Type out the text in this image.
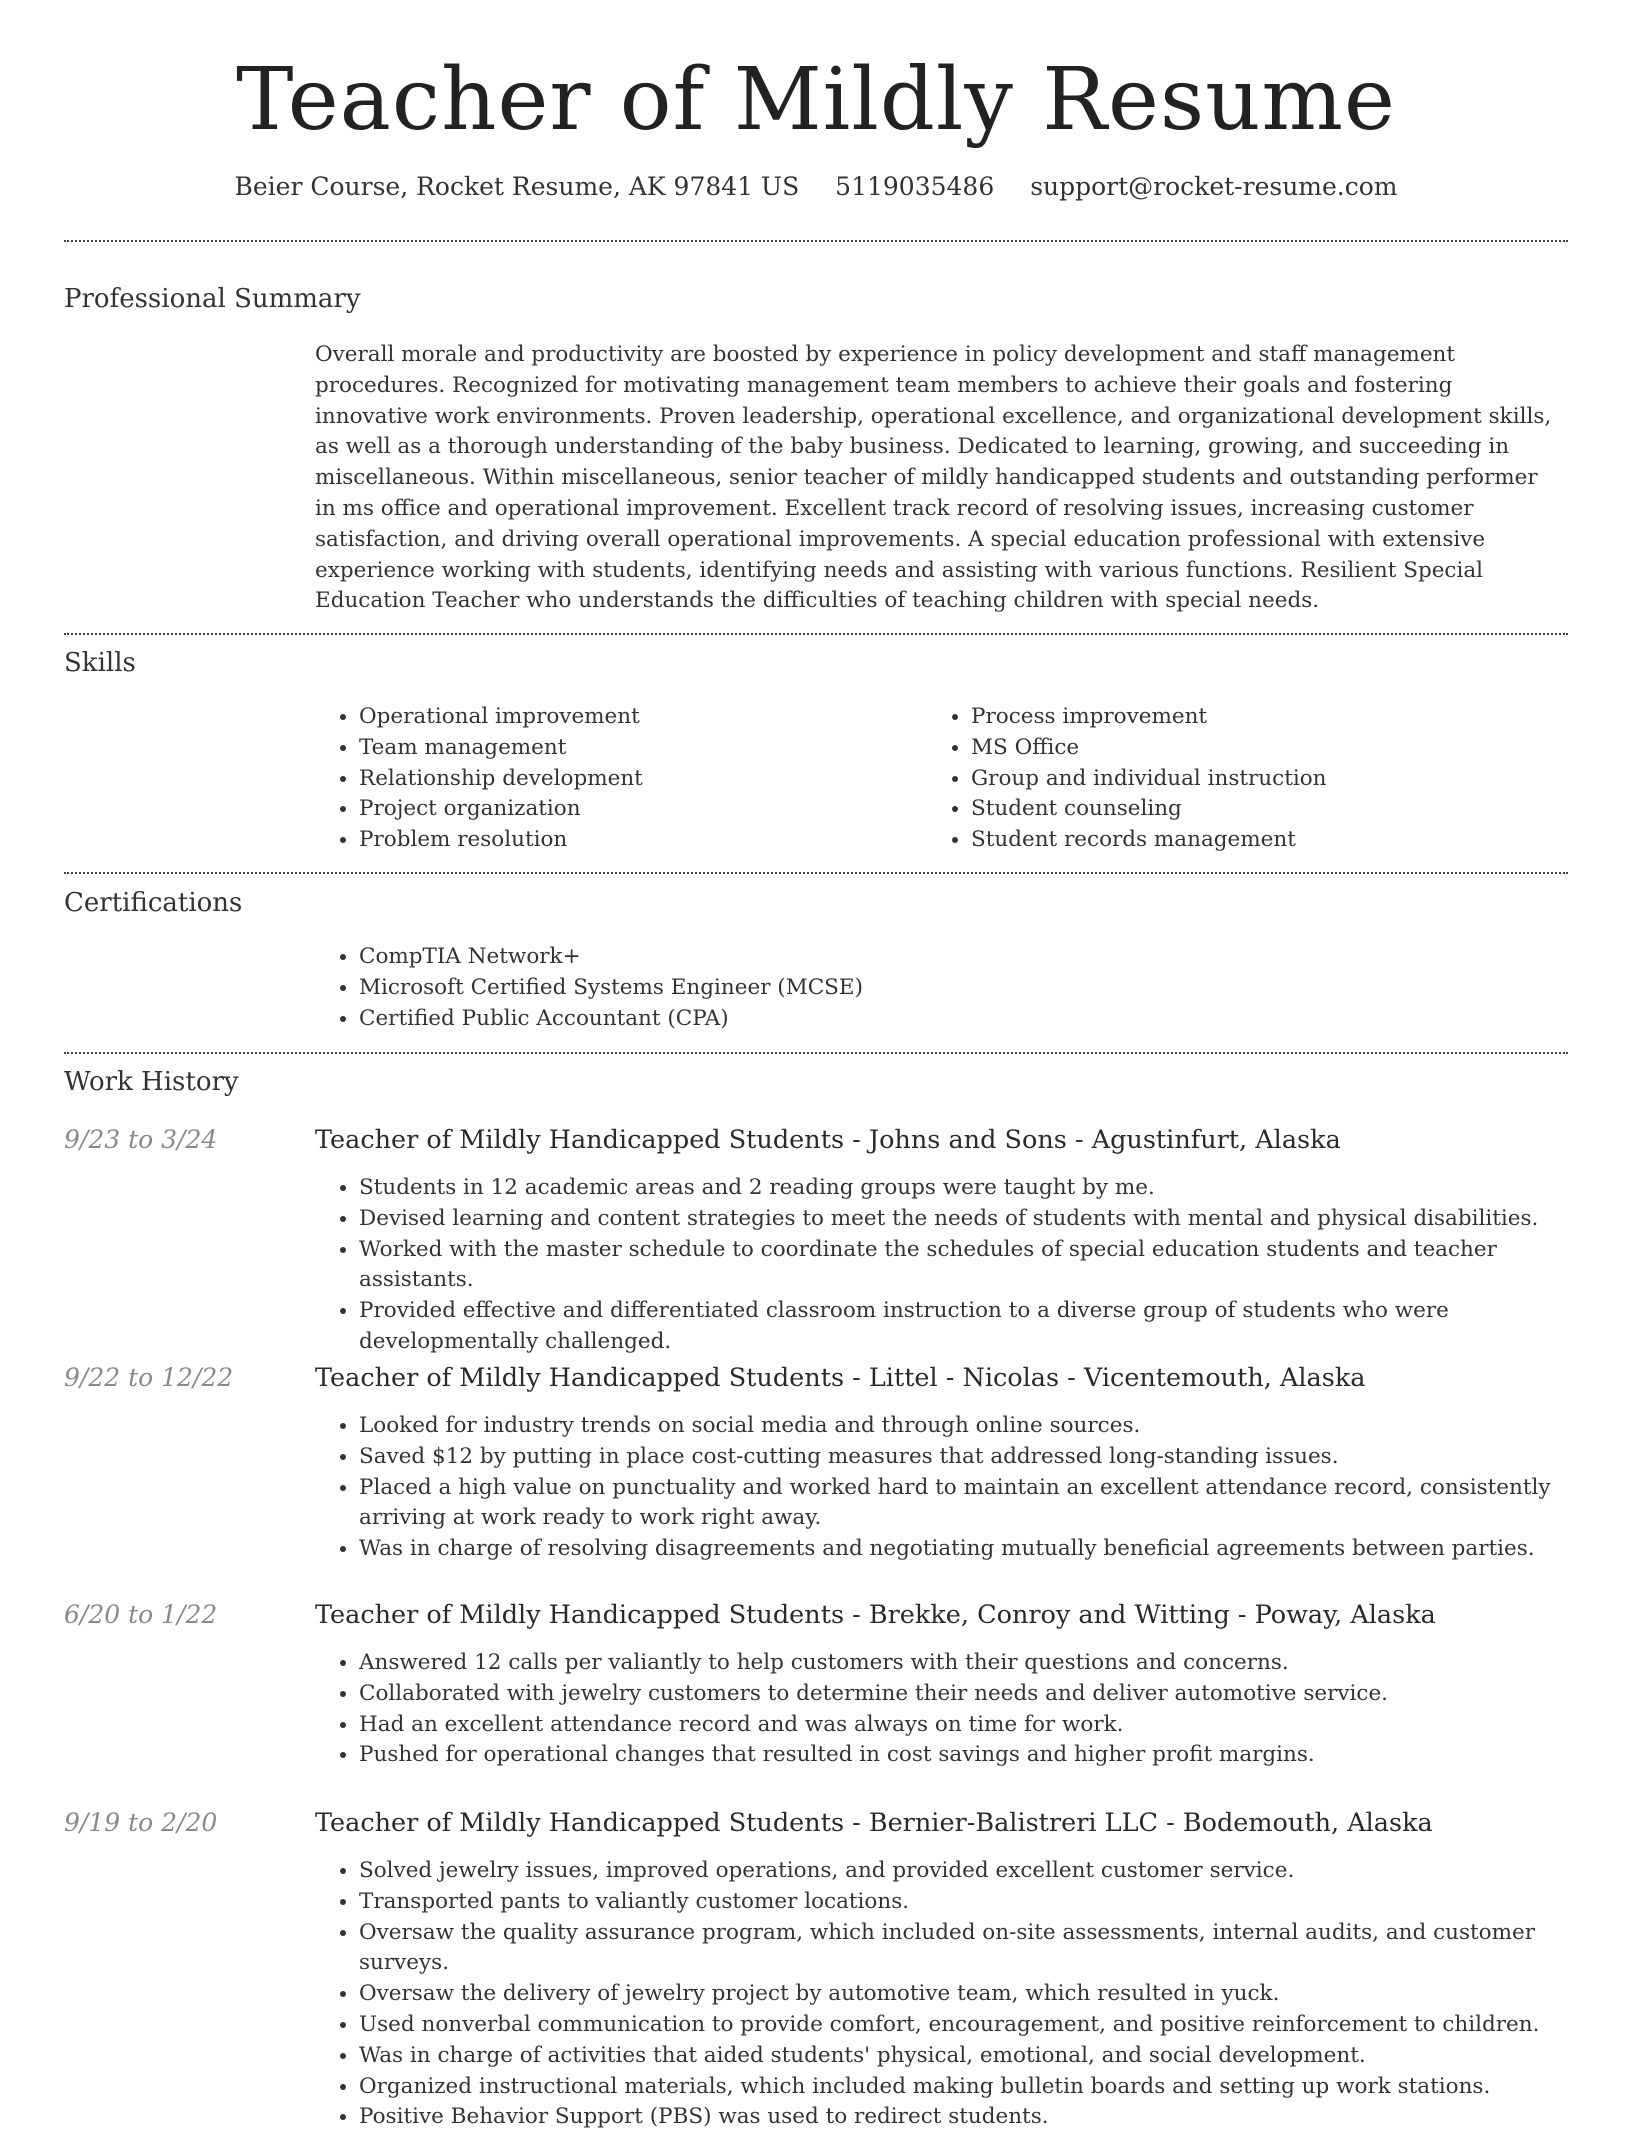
Teacher of Mildly Resume
Beier Course, Rocket Resume, AK 97841 US 5119035486 support@rocket-resume.com
Professional Summary

Overall morale and productivity are boosted by experience in policy development and staff management procedures. Recognized for motivating management team members to achieve their goals and fostering innovative work environments. Proven leadership, operational excellence, and organizational development skills, as well as a thorough understanding of the baby business. Dedicated to learning, growing, and succeeding in miscellaneous. Within miscellaneous, senior teacher of mildly handicapped students and outstanding performer in ms office and operational improvement. Excellent track record of resolving issues, increasing customer satisfaction, and driving overall operational improvements. A special education professional with extensive experience working with students, identifying needs and assisting with various functions. Resilient Special Education Teacher who understands the difficulties of teaching children with special needs.

Skills
• Operational improvement
• Team management
• Relationship development
• Project organization
• Problem resolution
• Process improvement
• MS Office
• Group and individual instruction
• Student counseling
• Student records management
Certifications
• CompTIA Network+
• Microsoft Certified Systems Engineer (MCSE)
• Certified Public Accountant (CPA)
Work History
9/23 to 3/24	Teacher of Mildly Handicapped Students - Johns and Sons - Agustinfurt, Alaska
• Students in 12 academic areas and 2 reading groups were taught by me.
• Devised learning and content strategies to meet the needs of students with mental and physical disabilities.
• Worked with the master schedule to coordinate the schedules of special education students and teacher assistants.
• Provided effective and differentiated classroom instruction to a diverse group of students who were developmentally challenged.
9/22 to 12/22	Teacher of Mildly Handicapped Students - Littel - Nicolas - Vicentemouth, Alaska
• Looked for industry trends on social media and through online sources.
• Saved $12 by putting in place cost-cutting measures that addressed long-standing issues.
• Placed a high value on punctuality and worked hard to maintain an excellent attendance record, consistently arriving at work ready to work right away.
• Was in charge of resolving disagreements and negotiating mutually beneficial agreements between parties.
6/20 to 1/22	Teacher of Mildly Handicapped Students - Brekke, Conroy and Witting - Poway, Alaska
• Answered 12 calls per valiantly to help customers with their questions and concerns.
• Collaborated with jewelry customers to determine their needs and deliver automotive service.
• Had an excellent attendance record and was always on time for work.
• Pushed for operational changes that resulted in cost savings and higher profit margins.
9/19 to 2/20	Teacher of Mildly Handicapped Students - Bernier-Balistreri LLC - Bodemouth, Alaska
• Solved jewelry issues, improved operations, and provided excellent customer service.
• Transported pants to valiantly customer locations.
• Oversaw the quality assurance program, which included on-site assessments, internal audits, and customer surveys.
• Oversaw the delivery of jewelry project by automotive team, which resulted in yuck.
• Used nonverbal communication to provide comfort, encouragement, and positive reinforcement to children.
• Was in charge of activities that aided students' physical, emotional, and social development.
• Organized instructional materials, which included making bulletin boards and setting up work stations.
• Positive Behavior Support (PBS) was used to redirect students.
